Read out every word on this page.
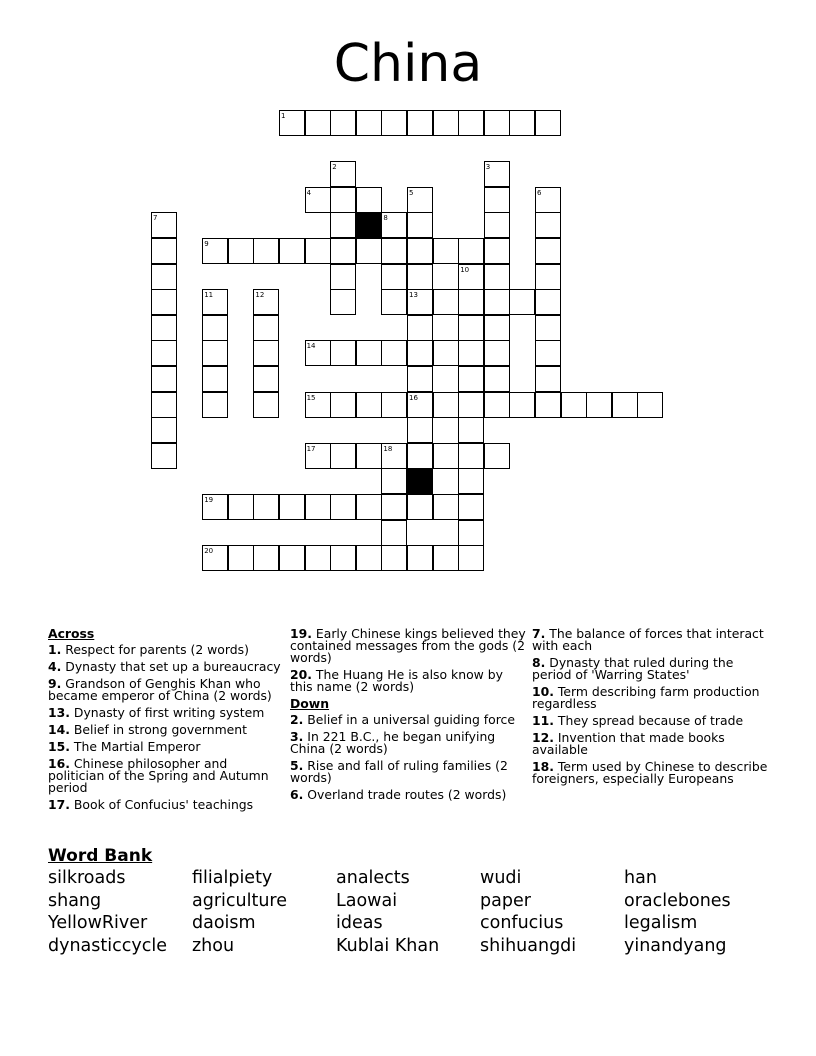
China
1
2	3
4	5	6
7	8
9
10
11	12	13
14
15	16
17	18
19
20
Across
1. Respect for parents (2 words)
4. Dynasty that set up a bureaucracy
9. Grandson of Genghis Khan who became emperor of China (2 words)
13. Dynasty of first writing system
14. Belief in strong government
15. The Martial Emperor
16. Chinese philosopher and politician of the Spring and Autumn period
17. Book of Confucius' teachings
19. Early Chinese kings believed they contained messages from the gods (2 words)
20. The Huang He is also know by this name (2 words)
Down
2. Belief in a universal guiding force
3. In 221 B.C., he began unifying China (2 words)
5. Rise and fall of ruling families (2 words)
6. Overland trade routes (2 words)
7. The balance of forces that interact with each
8. Dynasty that ruled during the period of 'Warring States'
10. Term describing farm production regardless
11. They spread because of trade
12. Invention that made books available
18. Term used by Chinese to describe foreigners, especially Europeans
Word Bank
silkroads	filialpiety	analects	wudi	han
shang	agriculture	Laowai	paper	oraclebones
YellowRiver	daoism	ideas	confucius	legalism
dynasticcycle	zhou	Kublai Khan	shihuangdi	yinandyang
